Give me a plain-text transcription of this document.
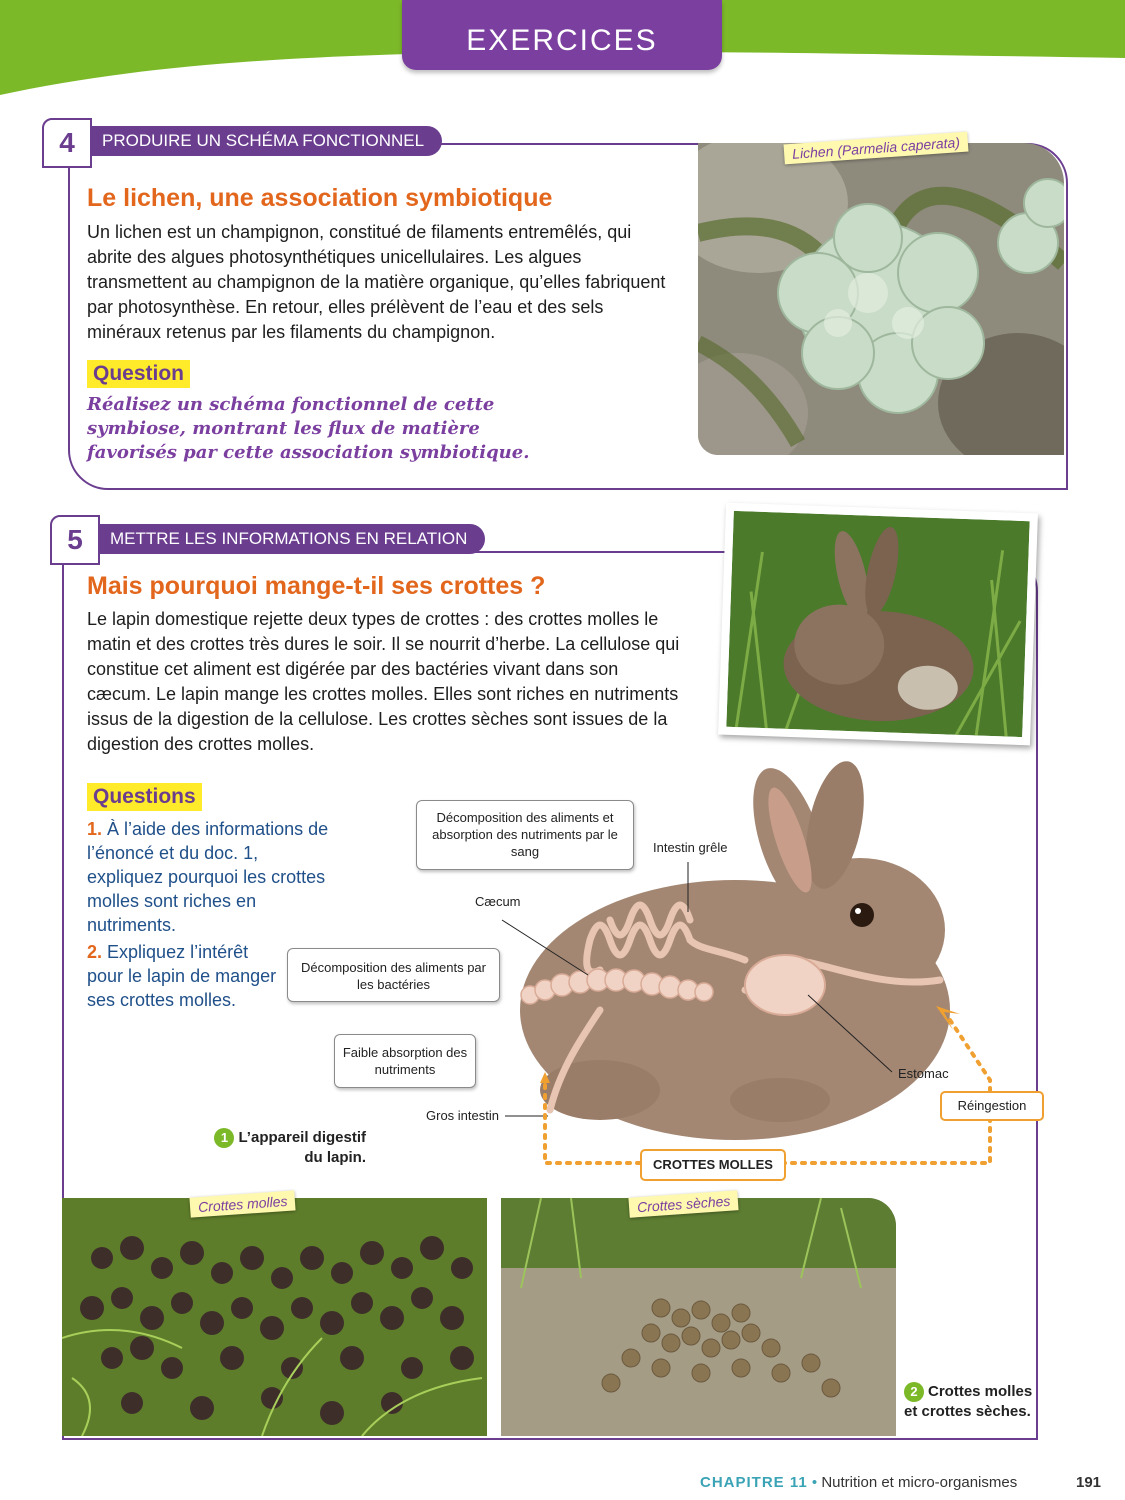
EXERCICES
4	PRODUIRE UN SCHÉMA FONCTIONNEL
Le lichen, une association symbiotique
Un lichen est un champignon, constitué de filaments entremêlés, qui abrite des algues photosynthétiques unicellulaires. Les algues transmettent au champignon de la matière organique, qu’elles fabriquent par photosynthèse. En retour, elles prélèvent de l’eau et des sels minéraux retenus par les filaments du champignon.
Question
Réalisez un schéma fonctionnel de cette symbiose, montrant les flux de matière favorisés par cette association symbiotique.
Lichen (Parmelia caperata)
5	METTRE LES INFORMATIONS EN RELATION
Mais pourquoi mange-t-il ses crottes ?
Le lapin domestique rejette deux types de crottes : des crottes molles le matin et des crottes très dures le soir. Il se nourrit d’herbe. La cellulose qui constitue cet aliment est digérée par des bactéries vivant dans son cæcum. Le lapin mange les crottes molles. Elles sont riches en nutriments issus de la digestion de la cellulose. Les crottes sèches sont issues de la digestion des crottes molles.
Questions
1. À l’aide des informations de l’énoncé et du doc. 1, expliquez pourquoi les crottes molles sont riches en nutriments.
2. Expliquez l’intérêt pour le lapin de manger ses crottes molles.
Décomposition des aliments et absorption des nutriments par le sang	Intestin grêle
Cæcum
Décomposition des aliments par les bactéries
Faible absorption des nutriments
Gros intestin
Estomac
Réingestion
CROTTES MOLLES
1 L’appareil digestif du lapin.
Crottes molles	Crottes sèches
2 Crottes molles et crottes sèches.
CHAPITRE 11 • Nutrition et micro-organismes	191
